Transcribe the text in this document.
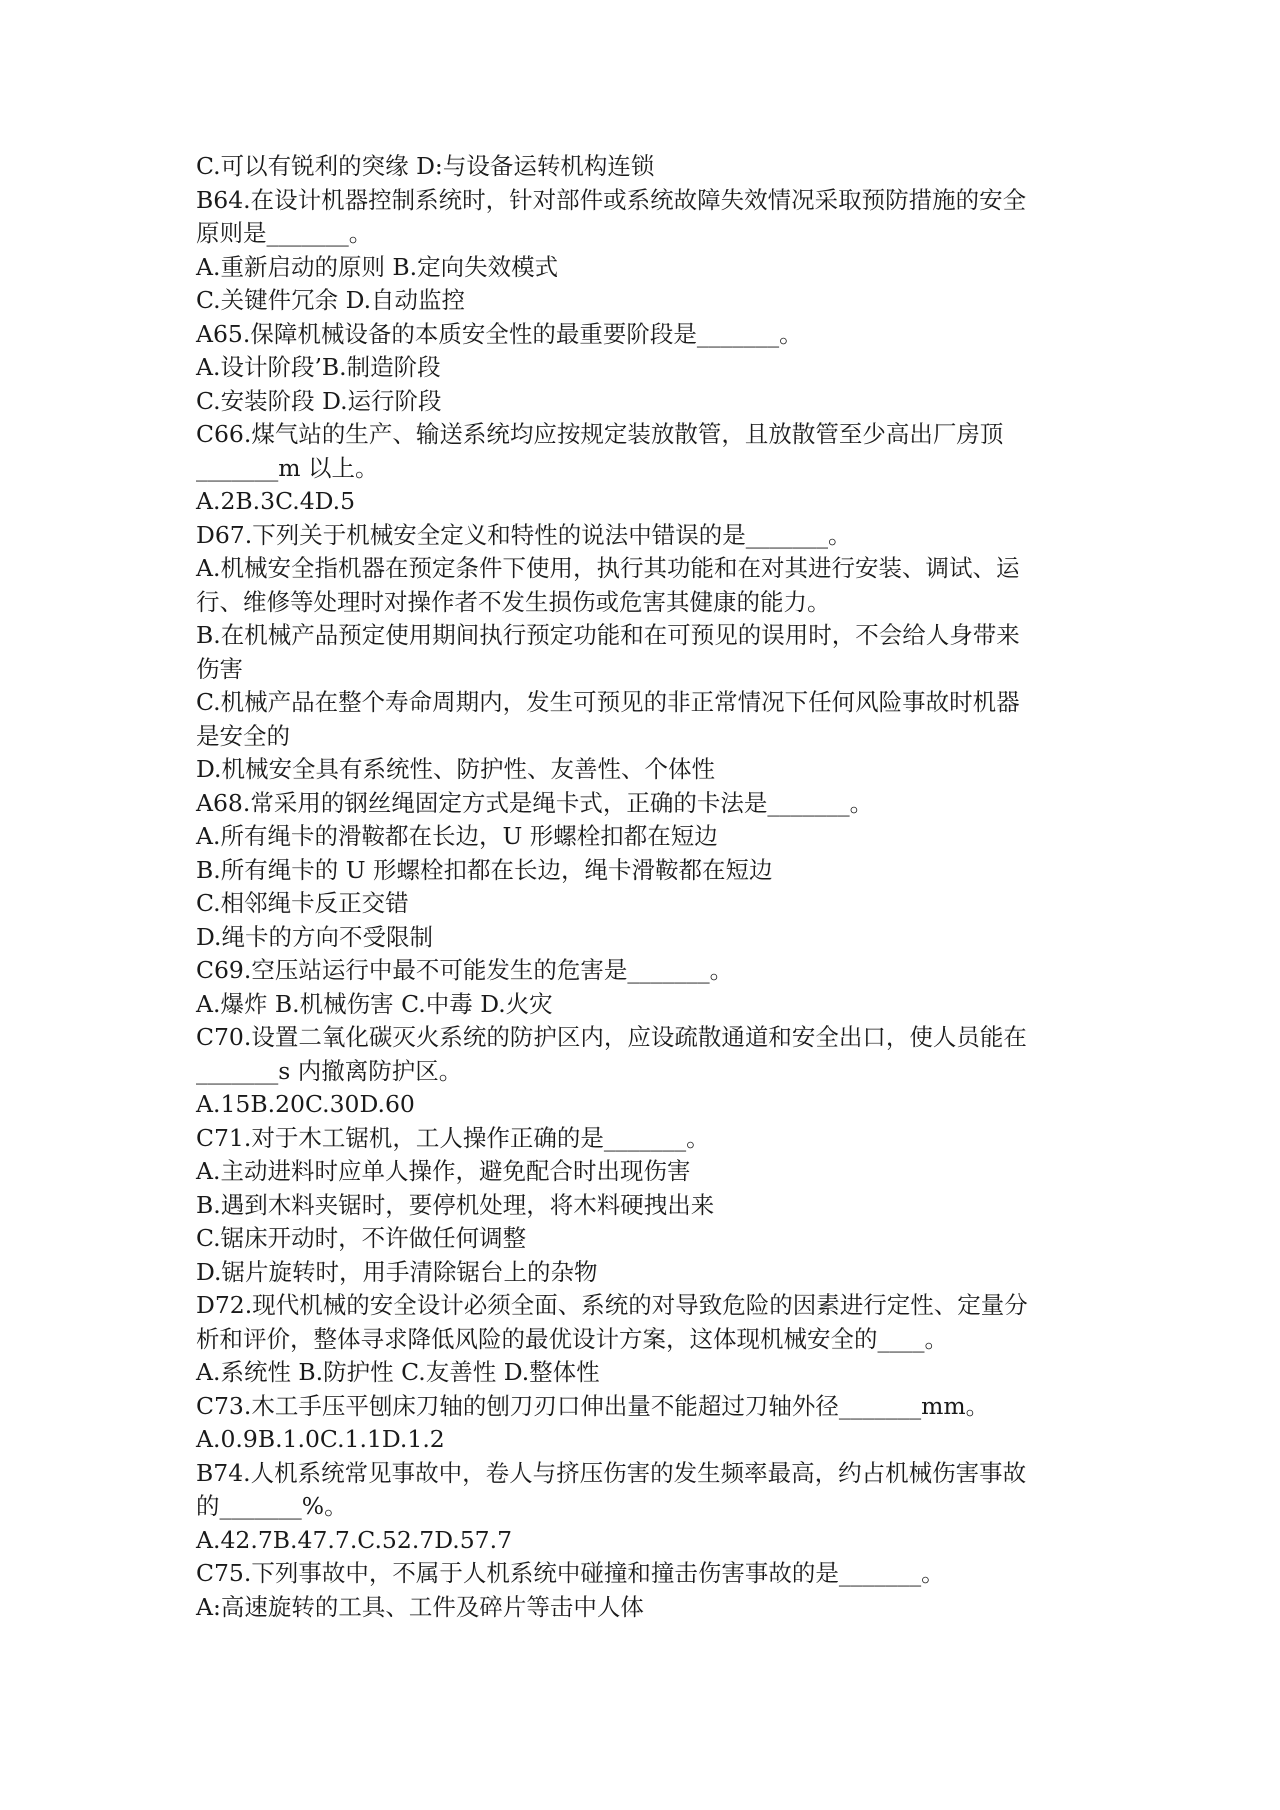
C.可以有锐利的突缘 D:与设备运转机构连锁
B64.在设计机器控制系统时，针对部件或系统故障失效情况采取预防措施的安全
原则是_______。
A.重新启动的原则 B.定向失效模式
C.关键件冗余 D.自动监控
A65.保障机械设备的本质安全性的最重要阶段是_______。
A.设计阶段’B.制造阶段
C.安装阶段 D.运行阶段
C66.煤气站的生产、输送系统均应按规定装放散管，且放散管至少高出厂房顶
_______m 以上。
A.2B.3C.4D.5
D67.下列关于机械安全定义和特性的说法中错误的是_______。
A.机械安全指机器在预定条件下使用，执行其功能和在对其进行安装、调试、运
行、维修等处理时对操作者不发生损伤或危害其健康的能力。
B.在机械产品预定使用期间执行预定功能和在可预见的误用时，不会给人身带来
伤害
C.机械产品在整个寿命周期内，发生可预见的非正常情况下任何风险事故时机器
是安全的
D.机械安全具有系统性、防护性、友善性、个体性
A68.常采用的钢丝绳固定方式是绳卡式，正确的卡法是_______。
A.所有绳卡的滑鞍都在长边，U 形螺栓扣都在短边
B.所有绳卡的 U 形螺栓扣都在长边，绳卡滑鞍都在短边
C.相邻绳卡反正交错
D.绳卡的方向不受限制
C69.空压站运行中最不可能发生的危害是_______。
A.爆炸 B.机械伤害 C.中毒 D.火灾
C70.设置二氧化碳灭火系统的防护区内，应设疏散通道和安全出口，使人员能在
_______s 内撤离防护区。
A.15B.20C.30D.60
C71.对于木工锯机，工人操作正确的是_______。
A.主动进料时应单人操作，避免配合时出现伤害
B.遇到木料夹锯时，要停机处理，将木料硬拽出来
C.锯床开动时，不许做任何调整
D.锯片旋转时，用手清除锯台上的杂物
D72.现代机械的安全设计必须全面、系统的对导致危险的因素进行定性、定量分
析和评价，整体寻求降低风险的最优设计方案，这体现机械安全的____。
A.系统性 B.防护性 C.友善性 D.整体性
C73.木工手压平刨床刀轴的刨刀刃口伸出量不能超过刀轴外径_______mm。
A.0.9B.1.0C.1.1D.1.2
B74.人机系统常见事故中，卷人与挤压伤害的发生频率最高，约占机械伤害事故
的_______%。
A.42.7B.47.7.C.52.7D.57.7
C75.下列事故中，不属于人机系统中碰撞和撞击伤害事故的是_______。
A:高速旋转的工具、工件及碎片等击中人体
